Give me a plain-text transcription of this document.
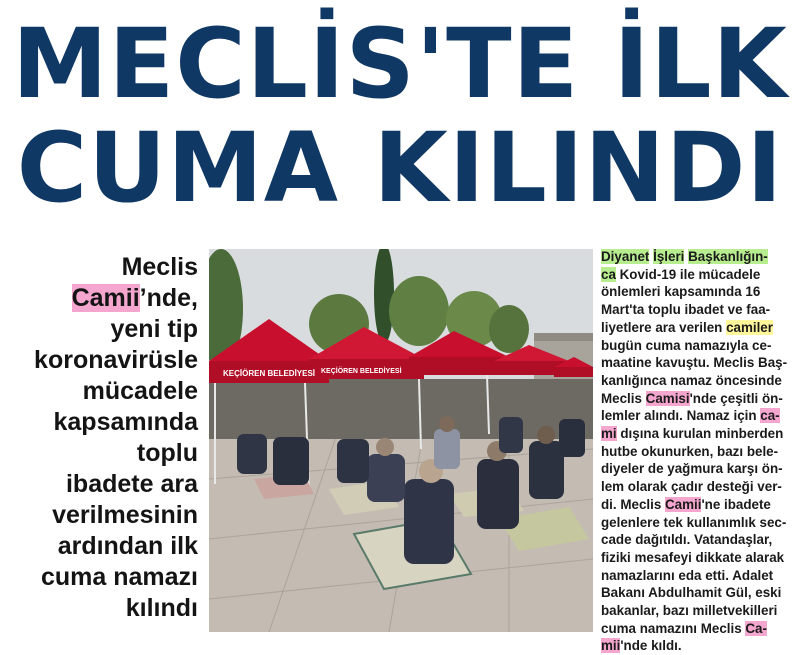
MECLİS'TE İLK
CUMA KILINDI
Meclis
Camii’nde,
yeni tip
koronavirüsle
mücadele
kapsamında
toplu
ibadete ara
verilmesinin
ardından ilk
cuma namazı
kılındı
KEÇİÖREN BELEDİYESİ KEÇİÖREN BELEDİYESİ
Diyanet İşleri Başkanlığın-
ca Kovid-19 ile mücadele
önlemleri kapsamında 16
Mart'ta toplu ibadet ve faa-
liyetlere ara verilen camiler
bugün cuma namazıyla ce-
maatine kavuştu. Meclis Baş-
kanlığınca namaz öncesinde
Meclis Camisi'nde çeşitli ön-
lemler alındı. Namaz için ca-
mi dışına kurulan minberden
hutbe okunurken, bazı bele-
diyeler de yağmura karşı ön-
lem olarak çadır desteği ver-
di. Meclis Camii'ne ibadete
gelenlere tek kullanımlık sec-
cade dağıtıldı. Vatandaşlar,
fiziki mesafeyi dikkate alarak
namazlarını eda etti. Adalet
Bakanı Abdulhamit Gül, eski
bakanlar, bazı milletvekilleri
cuma namazını Meclis Ca-
mii'nde kıldı.
